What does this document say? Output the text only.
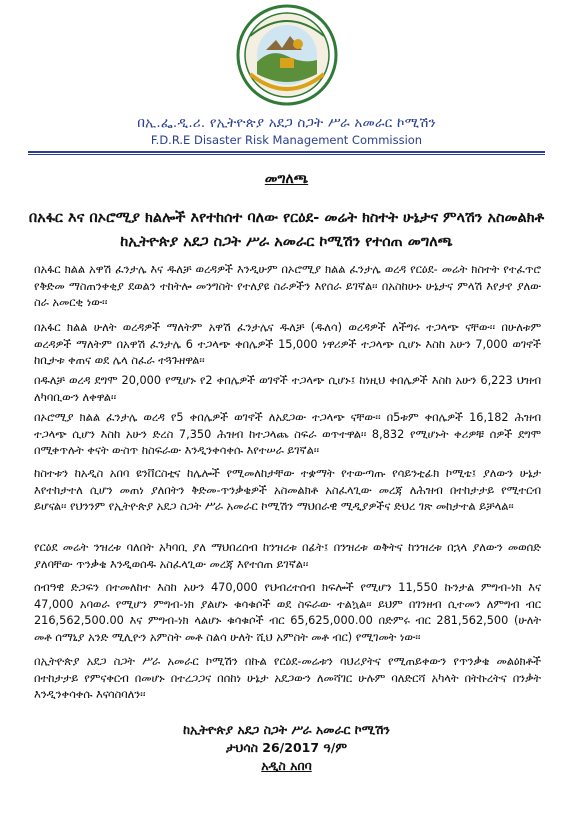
በኢ.ፌ.ዲ.ሪ. የኢትዮጵያ አደጋ ስጋት ሥራ አመራር ኮሚሽን
F.D.R.E Disaster Risk Management Commission
መግለጫ
በአፋር እና በኦሮሚያ ክልሎች እየተከሰተ ባለው የርዕደ- መሬት ክስተት ሁኔታና ምላሽን አስመልክቶ ከኢትዮጵያ አደጋ ስጋት ሥራ አመራር ኮሚሽን የተሰጠ መግለጫ
በአፋር ክልል አዋሽ ፈንታሌ እና ዱለቻ ወረዳዎች እንዲሁም በኦሮሚያ ክልል ፈንታሌ ወረዳ የርዕደ- መሬት ክስተት የተፈጥሮ የቅድመ ማስጠንቀቂያ ደወልን ተከትሎ መንግስት የተለያዩ ስራዎችን እየሰራ ይገኛል፡፡ በአስከሁኑ ሁኔታና ምላሽ እየታየ ያለው ስራ አመርቂ ነው፡፡
በአፋር ክልል ሁለት ወረዳዎች ማለትም አዋሽ ፈንታሌና ዱለቻ (ዱለሳ) ወረዳዎች ለችግሩ ተጋላጭ ናቸው፡፡ በሁለቱም ወረዳዎች ማለትም በአዋሽ ፈንታሌ 6 ተጋላጭ ቀበሌዎች 15,000 ነዋሪዎች ተጋላጭ ሲሆኑ እስከ አሁን 7,000 ወገኖች ከቢታቱ ቀጠና ወደ ሌላ ስፈራ ተጓጉዘዋል፡፡
በዱለቻ ወረዳ ደግሞ 20,000 የሚሆኑ የ2 ቀበሌዎች ወገኖች ተጋላጭ ሲሆኑ፤ ከነዚህ ቀበሌዎች እስከ አሁን 6,223 ህዝብ ለካባቢውን ለቀዋል፡፡
በኦሮሚያ ክልል ፈንታሌ ወረዳ የ5 ቀበሌዎች ወገኖች ለአደጋው ተጋላጭ ናቸው፡፡ በ5ቱም ቀበሌዎች 16,182 ሕዝብ ተጋላጭ ሲሆን እስከ አሁን ድረስ 7,350 ሕዝብ ከተጋላጨ ስፍራ ወጥተዋል፡፡ 8,832 የሚሆኑት ቀሪዎቹ ሰዎች ደግሞ በሚቀጥሉት ቀናት ውስጥ ከስፍራው እንዲንቀሳቀሱ እየተሠራ ይገኛል፡፡
ከስተቱን ከአዲስ አበባ ዩንቨርስቲና ከሌሎች የሚመለከታቸው ተቋማት የተውጣጡ የሳይንቲፊክ ኮሚቴ፤ ያለውን ሁኔታ እየተከታተለ ሲሆን መጠነ ያለበትን ቅድመ-ጥንቃቄዎች አስመልክቶ አስፈላጊው መረጃ ለሕዝብ በተከታታይ የሚተርብ ይሆናል፡፡ የህንንም የኢትዮጵያ አደጋ ስጋት ሥራ አመራር ኮሚሽን ማህበራዊ ሚዲያዎችና ድህረ ገጽ መከታተል ይቻላል፡፡
የርዕደ መሬት ንዝረቱ ባለበት አካባቢ ያለ ማህበረሰብ ከንዝረቱ በፊት፤ በንዝረቱ ወቅትና ከንዝረቱ በኋላ ያለውን መወሰድ ያለባቸው ጥንቃቄ እንዲወሰዱ አስፈላጊው መረጃ እየተሰጠ ይገኛል፡፡
ሰብዓዊ ድጋፍን በተመለከተ እስከ አሁን 470,000 የህብረተሰብ ክፍሎች የሚሆን 11,550 ኩንታል ምግብ-ነክ እና 47,000 አባወራ የሚሆን ምግብ-ነክ ያልሆኑ ቁሳቁሶች ወደ ስፍራው ተልኳል፡፡ ይህም በገንዘብ ሲተመን ለምግብ ብር 216,562,500.00 እና ምግብ-ነክ ላልሆኑ ቁሳቁሶች ብር 65,625,000.00 በድምሩ ብር 281,562,500 (ሁለት መቶ ሰማኒያ አንድ ሚሊዮን አምስት መቶ ስልሳ ሁለት ሺህ አምስት መቶ ብር) የሚገመት ነው፡፡
በኢትዮጵያ አደጋ ስጋት ሥራ አመራር ኮሚሽን በኩል የርዕደ-መሬቱን ባህሪያትና የሚጠይቀውን የጥንቃቄ መልዕክቶች በተከታታይ የምናቀርብ በመሆኑ በተረጋጋና በሰከነ ሁኔታ አደጋውን ለመሻገር ሁሉም ባለድርሻ አካላት በትኩረትና በንቃት እንዲንቀሳቀሱ እናሳስባለን፡፡
ከኢትዮጵያ አደጋ ስጋት ሥራ አመራር ኮሚሽን
ታህሳስ 26/2017 ዓ/ም
አዲስ አበባ
